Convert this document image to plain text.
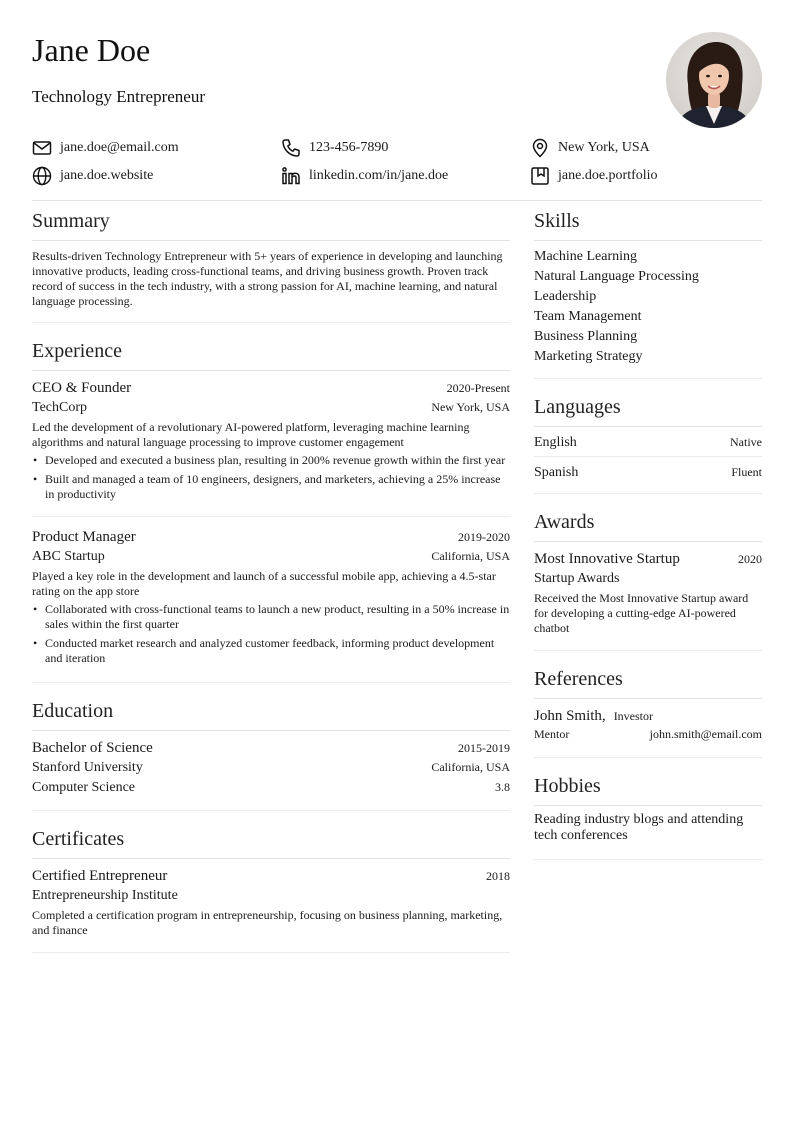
Jane Doe
Technology Entrepreneur
jane.doe@email.com	123-456-7890	New York, USA
jane.doe.website	linkedin.com/in/jane.doe	jane.doe.portfolio
Summary

Results-driven Technology Entrepreneur with 5+ years of experience in developing and launching innovative products, leading cross-functional teams, and driving business growth. Proven track record of success in the tech industry, with a strong passion for AI, machine learning, and natural language processing.

Experience
CEO & Founder	2020-Present
TechCorp	New York, USA

Led the development of a revolutionary AI-powered platform, leveraging machine learning algorithms and natural language processing to improve customer engagement

• Developed and executed a business plan, resulting in 200% revenue growth within the first year
• Built and managed a team of 10 engineers, designers, and marketers, achieving a 25% increase in productivity
Product Manager	2019-2020
ABC Startup	California, USA

Played a key role in the development and launch of a successful mobile app, achieving a 4.5-star rating on the app store

• Collaborated with cross-functional teams to launch a new product, resulting in a 50% increase in sales within the first quarter
• Conducted market research and analyzed customer feedback, informing product development and iteration
Education
Bachelor of Science	2015-2019
Stanford University	California, USA
Computer Science	3.8
Certificates
Certified Entrepreneur	2018
Entrepreneurship Institute

Completed a certification program in entrepreneurship, focusing on business planning, marketing, and finance

Skills
Machine Learning
Natural Language Processing
Leadership
Team Management
Business Planning
Marketing Strategy
Languages
English	Native
Spanish	Fluent
Awards
Most Innovative Startup	2020
Startup Awards

Received the Most Innovative Startup award for developing a cutting-edge AI-powered chatbot

References
John Smith, Investor
Mentor	john.smith@email.com
Hobbies

Reading industry blogs and attending tech conferences
